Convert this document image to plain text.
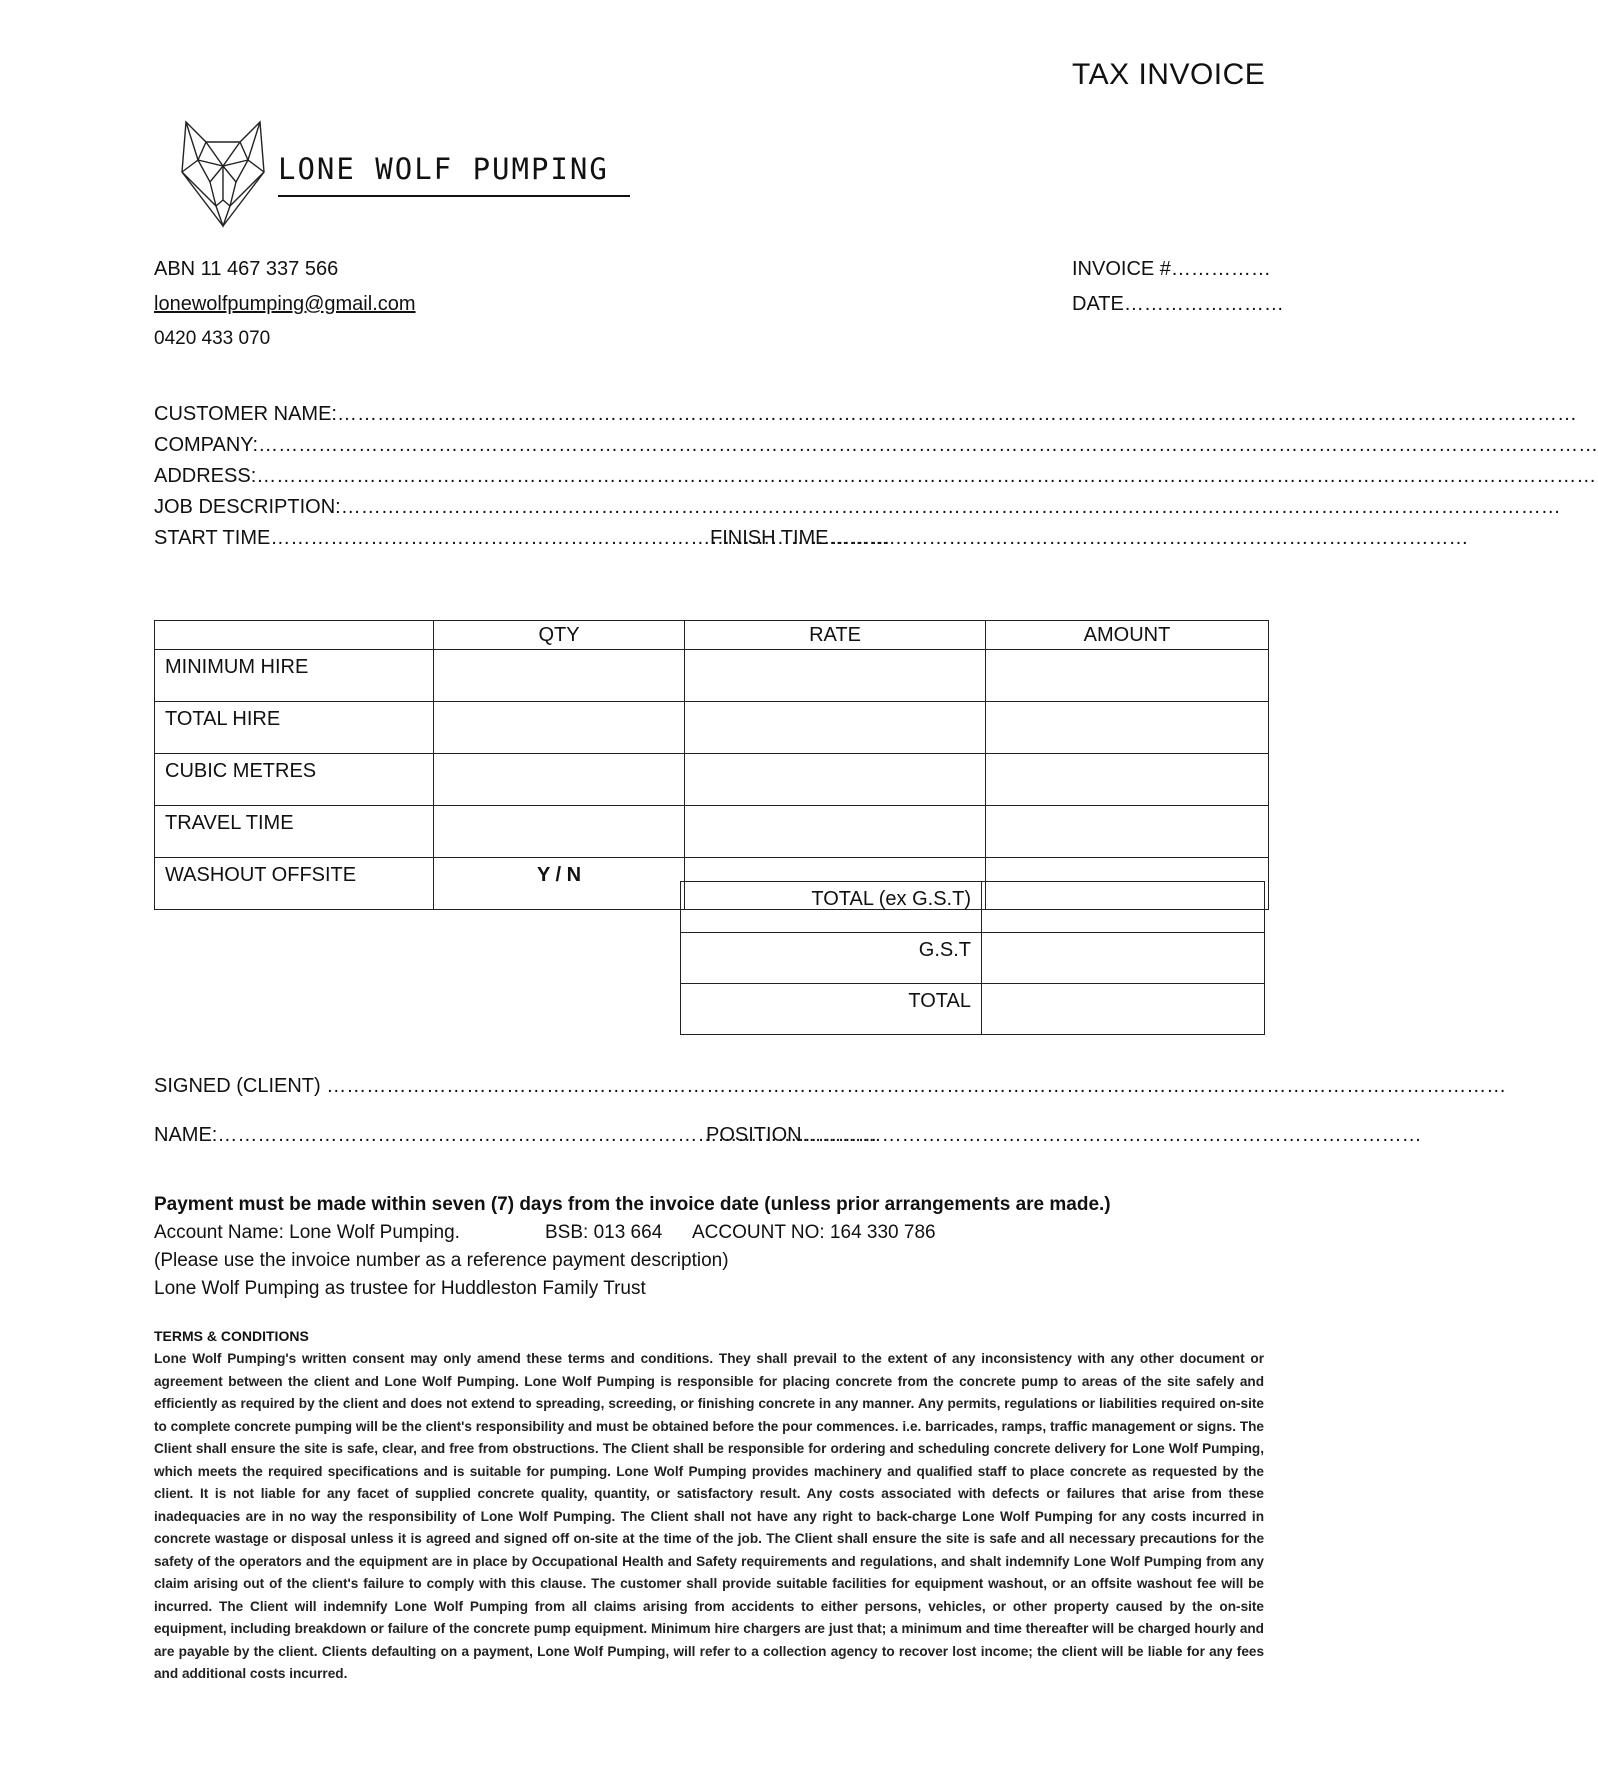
TAX INVOICE
LONE WOLF PUMPING
ABN 11 467 337 566
lonewolfpumping@gmail.com
0420 433 070
INVOICE #……………
DATE……………………
CUSTOMER NAME:……………………………………………………………………………………………………………………………………………………………………
COMPANY:…………………………………………………………………………………………………………………………………………………………………………………
ADDRESS:…………………………………………………………………………………………………………………………………………………………………………………
JOB DESCRIPTION:…………………………………………………………………………………………………………………………………………………………………
START TIME…………………………………………………………………………………
FINISH TIME……………………………………………………………………………………
	QTY	RATE	AMOUNT
MINIMUM HIRE			
TOTAL HIRE			
CUBIC METRES			
TRAVEL TIME			
WASHOUT OFFSITE	Y / N		
TOTAL (ex G.S.T)	
G.S.T	
TOTAL	
SIGNED (CLIENT) ……………………………………………………………………………………………………………………………………………………………
NAME:………………………………………………………………………………………
POSITION…………………………………………………………………………………
Payment must be made within seven (7) days from the invoice date (unless prior arrangements are made.)
Account Name: Lone Wolf Pumping.	BSB: 013 664 ACCOUNT NO: 164 330 786
(Please use the invoice number as a reference payment description)
Lone Wolf Pumping as trustee for Huddleston Family Trust
TERMS & CONDITIONS
Lone Wolf Pumping's written consent may only amend these terms and conditions. They shall prevail to the extent of any inconsistency with any other document or agreement between the client and Lone Wolf Pumping. Lone Wolf Pumping is responsible for placing concrete from the concrete pump to areas of the site safely and efficiently as required by the client and does not extend to spreading, screeding, or finishing concrete in any manner. Any permits, regulations or liabilities required on-site to complete concrete pumping will be the client's responsibility and must be obtained before the pour commences. i.e. barricades, ramps, traffic management or signs. The Client shall ensure the site is safe, clear, and free from obstructions. The Client shall be responsible for ordering and scheduling concrete delivery for Lone Wolf Pumping, which meets the required specifications and is suitable for pumping. Lone Wolf Pumping provides machinery and qualified staff to place concrete as requested by the client. It is not liable for any facet of supplied concrete quality, quantity, or satisfactory result. Any costs associated with defects or failures that arise from these inadequacies are in no way the responsibility of Lone Wolf Pumping. The Client shall not have any right to back-charge Lone Wolf Pumping for any costs incurred in concrete wastage or disposal unless it is agreed and signed off on-site at the time of the job. The Client shall ensure the site is safe and all necessary precautions for the safety of the operators and the equipment are in place by Occupational Health and Safety requirements and regulations, and shalt indemnify Lone Wolf Pumping from any claim arising out of the client's failure to comply with this clause. The customer shall provide suitable facilities for equipment washout, or an offsite washout fee will be incurred. The Client will indemnify Lone Wolf Pumping from all claims arising from accidents to either persons, vehicles, or other property caused by the on-site equipment, including breakdown or failure of the concrete pump equipment. Minimum hire chargers are just that; a minimum and time thereafter will be charged hourly and are payable by the client. Clients defaulting on a payment, Lone Wolf Pumping, will refer to a collection agency to recover lost income; the client will be liable for any fees and additional costs incurred.
